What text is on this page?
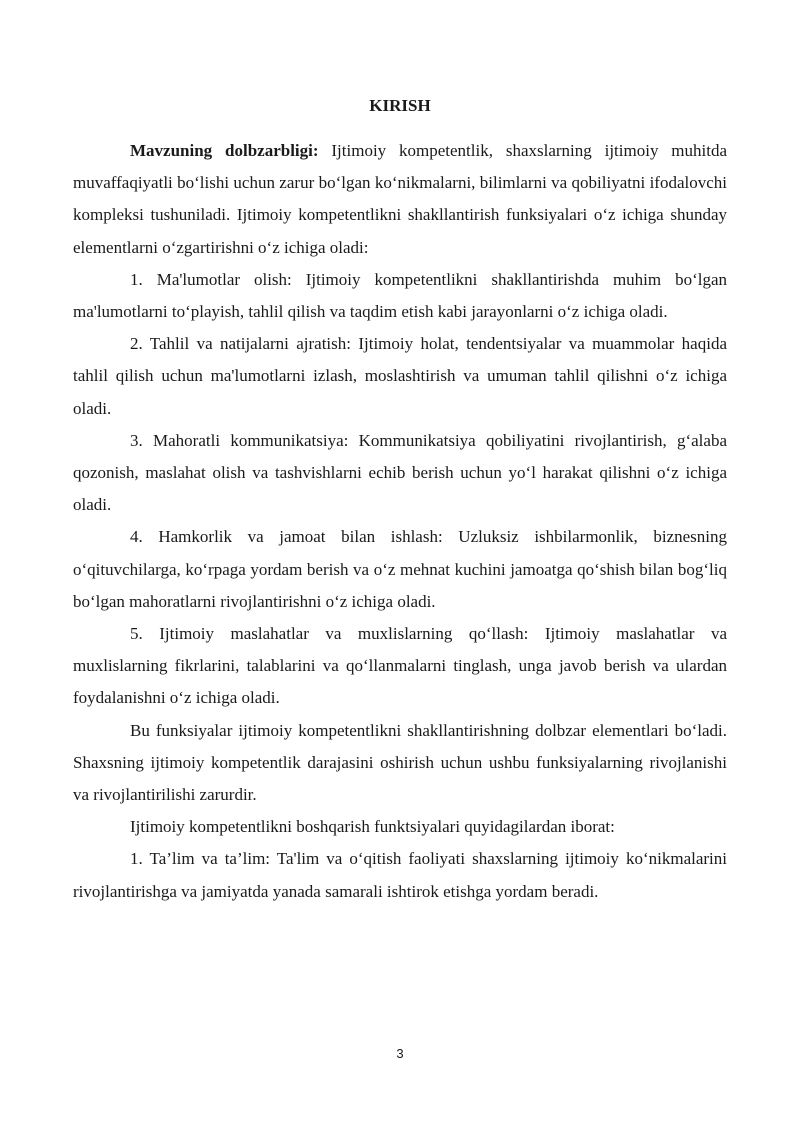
KIRISH

Mavzuning dolbzarbligi: Ijtimoiy kompetentlik, shaxslarning ijtimoiy muhitda muvaffaqiyatli bo‘lishi uchun zarur bo‘lgan ko‘nikmalarni, bilimlarni va qobiliyatni ifodalovchi kompleksi tushuniladi. Ijtimoiy kompetentlikni shakllantirish funksiyalari o‘z ichiga shunday elementlarni o‘zgartirishni o‘z ichiga oladi:

1. Ma'lumotlar olish: Ijtimoiy kompetentlikni shakllantirishda muhim bo‘lgan ma'lumotlarni to‘playish, tahlil qilish va taqdim etish kabi jarayonlarni o‘z ichiga oladi.

2. Tahlil va natijalarni ajratish: Ijtimoiy holat, tendentsiyalar va muammolar haqida tahlil qilish uchun ma'lumotlarni izlash, moslashtirish va umuman tahlil qilishni o‘z ichiga oladi.

3. Mahoratli kommunikatsiya: Kommunikatsiya qobiliyatini rivojlantirish, g‘alaba qozonish, maslahat olish va tashvishlarni echib berish uchun yo‘l harakat qilishni o‘z ichiga oladi.

4. Hamkorlik va jamoat bilan ishlash: Uzluksiz ishbilarmonlik, biznesning o‘qituvchilarga, ko‘rpaga yordam berish va o‘z mehnat kuchini jamoatga qo‘shish bilan bog‘liq bo‘lgan mahoratlarni rivojlantirishni o‘z ichiga oladi.

5. Ijtimoiy maslahatlar va muxlislarning qo‘llash: Ijtimoiy maslahatlar va muxlislarning fikrlarini, talablarini va qo‘llanmalarni tinglash, unga javob berish va ulardan foydalanishni o‘z ichiga oladi.

Bu funksiyalar ijtimoiy kompetentlikni shakllantirishning dolbzar elementlari bo‘ladi. Shaxsning ijtimoiy kompetentlik darajasini oshirish uchun ushbu funksiyalarning rivojlanishi va rivojlantirilishi zarurdir.

Ijtimoiy kompetentlikni boshqarish funktsiyalari quyidagilardan iborat:

1. Ta’lim va ta’lim: Ta'lim va o‘qitish faoliyati shaxslarning ijtimoiy ko‘nikmalarini rivojlantirishga va jamiyatda yanada samarali ishtirok etishga yordam beradi.

3
